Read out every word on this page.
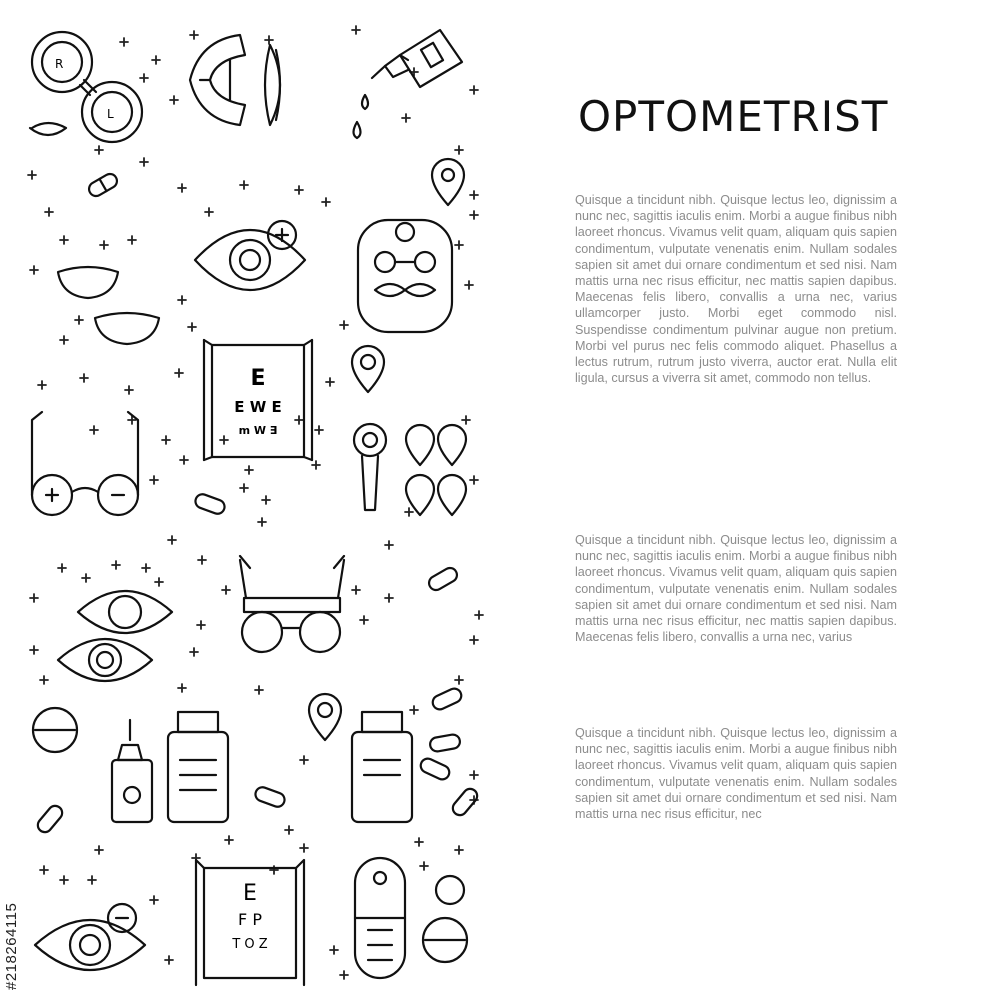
OPTOMETRIST

Quisque a tincidunt nibh. Quisque lectus leo, dignissim a nunc nec, sagittis iaculis enim. Morbi a augue finibus nibh laoreet rhoncus. Vivamus velit quam, aliquam quis sapien condimentum, vulputate venenatis enim. Nullam sodales sapien sit amet dui ornare condimentum et sed nisi. Nam mattis urna nec risus efficitur, nec mattis sapien dapibus. Maecenas felis libero, convallis a urna nec, varius ullamcorper justo. Morbi eget commodo nisl. Suspendisse condimentum pulvinar augue non pretium. Morbi vel purus nec felis commodo aliquet. Phasellus a lectus rutrum, rutrum justo viverra, auctor erat. Nulla elit ligula, cursus a viverra sit amet, commodo non tellus.

Quisque a tincidunt nibh. Quisque lectus leo, dignissim a nunc nec, sagittis iaculis enim. Morbi a augue finibus nibh laoreet rhoncus. Vivamus velit quam, aliquam quis sapien condimentum, vulputate venenatis enim. Nullam sodales sapien sit amet dui ornare condimentum et sed nisi. Nam mattis urna nec risus efficitur, nec mattis sapien dapibus. Maecenas felis libero, convallis a urna nec, varius

Quisque a tincidunt nibh. Quisque lectus leo, dignissim a nunc nec, sagittis iaculis enim. Morbi a augue finibus nibh laoreet rhoncus. Vivamus velit quam, aliquam quis sapien condimentum, vulputate venenatis enim. Nullam sodales sapien sit amet dui ornare condimentum et sed nisi. Nam mattis urna nec risus efficitur, nec

#218264115
R
L
E
E W E
m W ∃
E
F P
T O Z
